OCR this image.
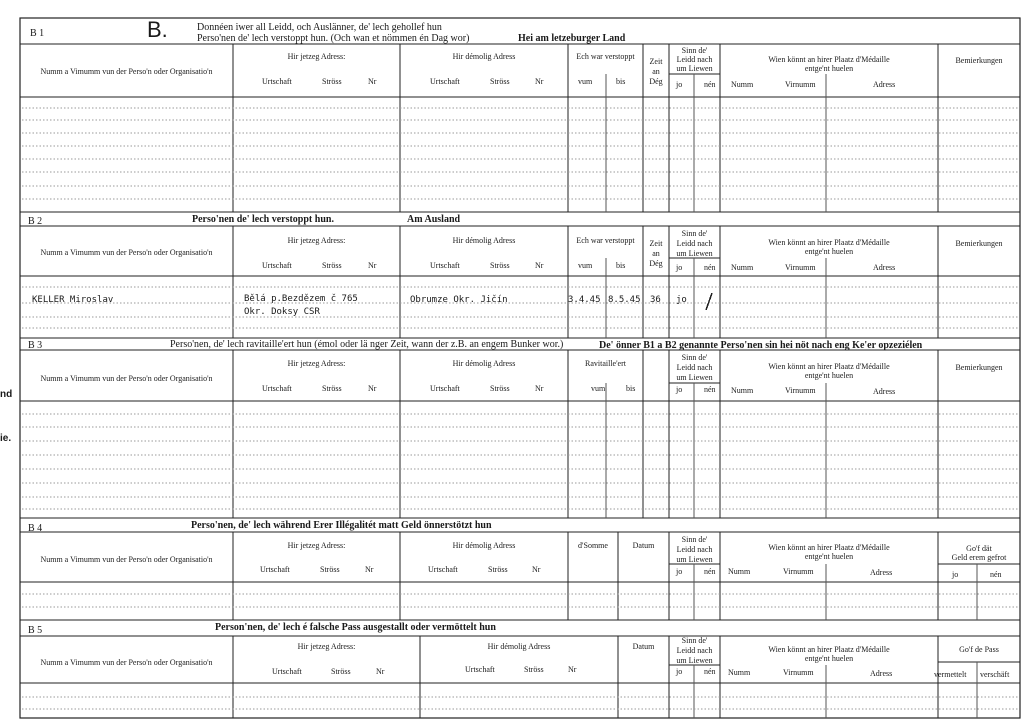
nd
ie.
B 1	B.	Donnéen iwer all Leidd, och Auslänner, de' lech gehollef hun
Perso'nen de' lech verstoppt hun. (Och wan et nömmen én Dag wor)	Hei am letzeburger Land
Numm a Vimumm vun der Perso'n oder Organisatio'n
Hir jetzeg Adress:
Urtschaft	Ströss	Nr
Hir démolig Adress
Urtschaft	Ströss	Nr
Ech war verstoppt
vum	bis
Zeit
an
Dég
Sinn de'
Leidd nach
um Liewen
jo	nén
Wien könnt an hirer Plaatz d'Médaille
entge'nt huelen
Numm	Virnumm	Adress
Bemierkungen
B 2	Perso'nen de' lech verstoppt hun.	Am Ausland
Numm a Vimumm vun der Perso'n oder Organisatio'n
Hir jetzeg Adress:
Urtschaft	Ströss	Nr
Hir démolig Adress
Urtschaft	Ströss	Nr
Ech war verstoppt
vum	bis
Zeit
an
Dég
Sinn de'
Leidd nach
um Liewen
jo	nén
Wien könnt an hirer Plaatz d'Médaille
entge'nt huelen
Numm	Virnumm	Adress
Bemierkungen
KELLER Miroslav	Bělá p.Bezdězem č 765
Okr. Doksy CSR
Obrumze Okr. Jičín	3.4.45 8.5.45 36 jo
B 3	Perso'nen, de' lech ravitaille'ert hun (émol oder lä nger Zeit, wann der z.B. an engem Bunker wor.)	De' önner B1 a B2 genannte Perso'nen sin hei nöt nach eng Ke'er opzeziélen
Numm a Vimumm vun der Perso'n oder Organisatio'n
Hir jetzeg Adress:
Urtschaft	Ströss	Nr
Hir démolig Adress
Urtschaft	Ströss	Nr
Ravitaille'ert
vum	bis
Sinn de'
Leidd nach
um Liewen
jo	nén
Wien könnt an hirer Plaatz d'Médaille
entge'nt huelen
Numm	Virnumm	Adress
Bemierkungen
B 4	Perso'nen, de' lech während Erer Illégalitét matt Geld önnerstötzt hun
Numm a Vimumm vun der Perso'n oder Organisatio'n
Hir jetzeg Adress:
Urtschaft	Ströss	Nr
Hir démolig Adress
Urtschaft	Ströss	Nr
d'Somme	Datum
Sinn de'
Leidd nach
um Liewen
jo	nén
Wien könnt an hirer Plaatz d'Médaille
entge'nt huelen
Numm	Virnumm	Adress
Go'f dät
Geld erem gefrot
jo	nén
B 5	Person'nen, de' lech é falsche Pass ausgestallt oder vermöttelt hun
Numm a Vimumm vun der Perso'n oder Organisatio'n
Hir jetzeg Adress:
Urtschaft	Ströss	Nr
Hir démolig Adress
Urtschaft	Ströss	Nr
Datum
Sinn de'
Leidd nach
um Liewen
jo	nén
Wien könnt an hirer Plaatz d'Médaille
entge'nt huelen
Numm	Virnumm	Adress
Go'f de Pass
vermettelt verschäft
